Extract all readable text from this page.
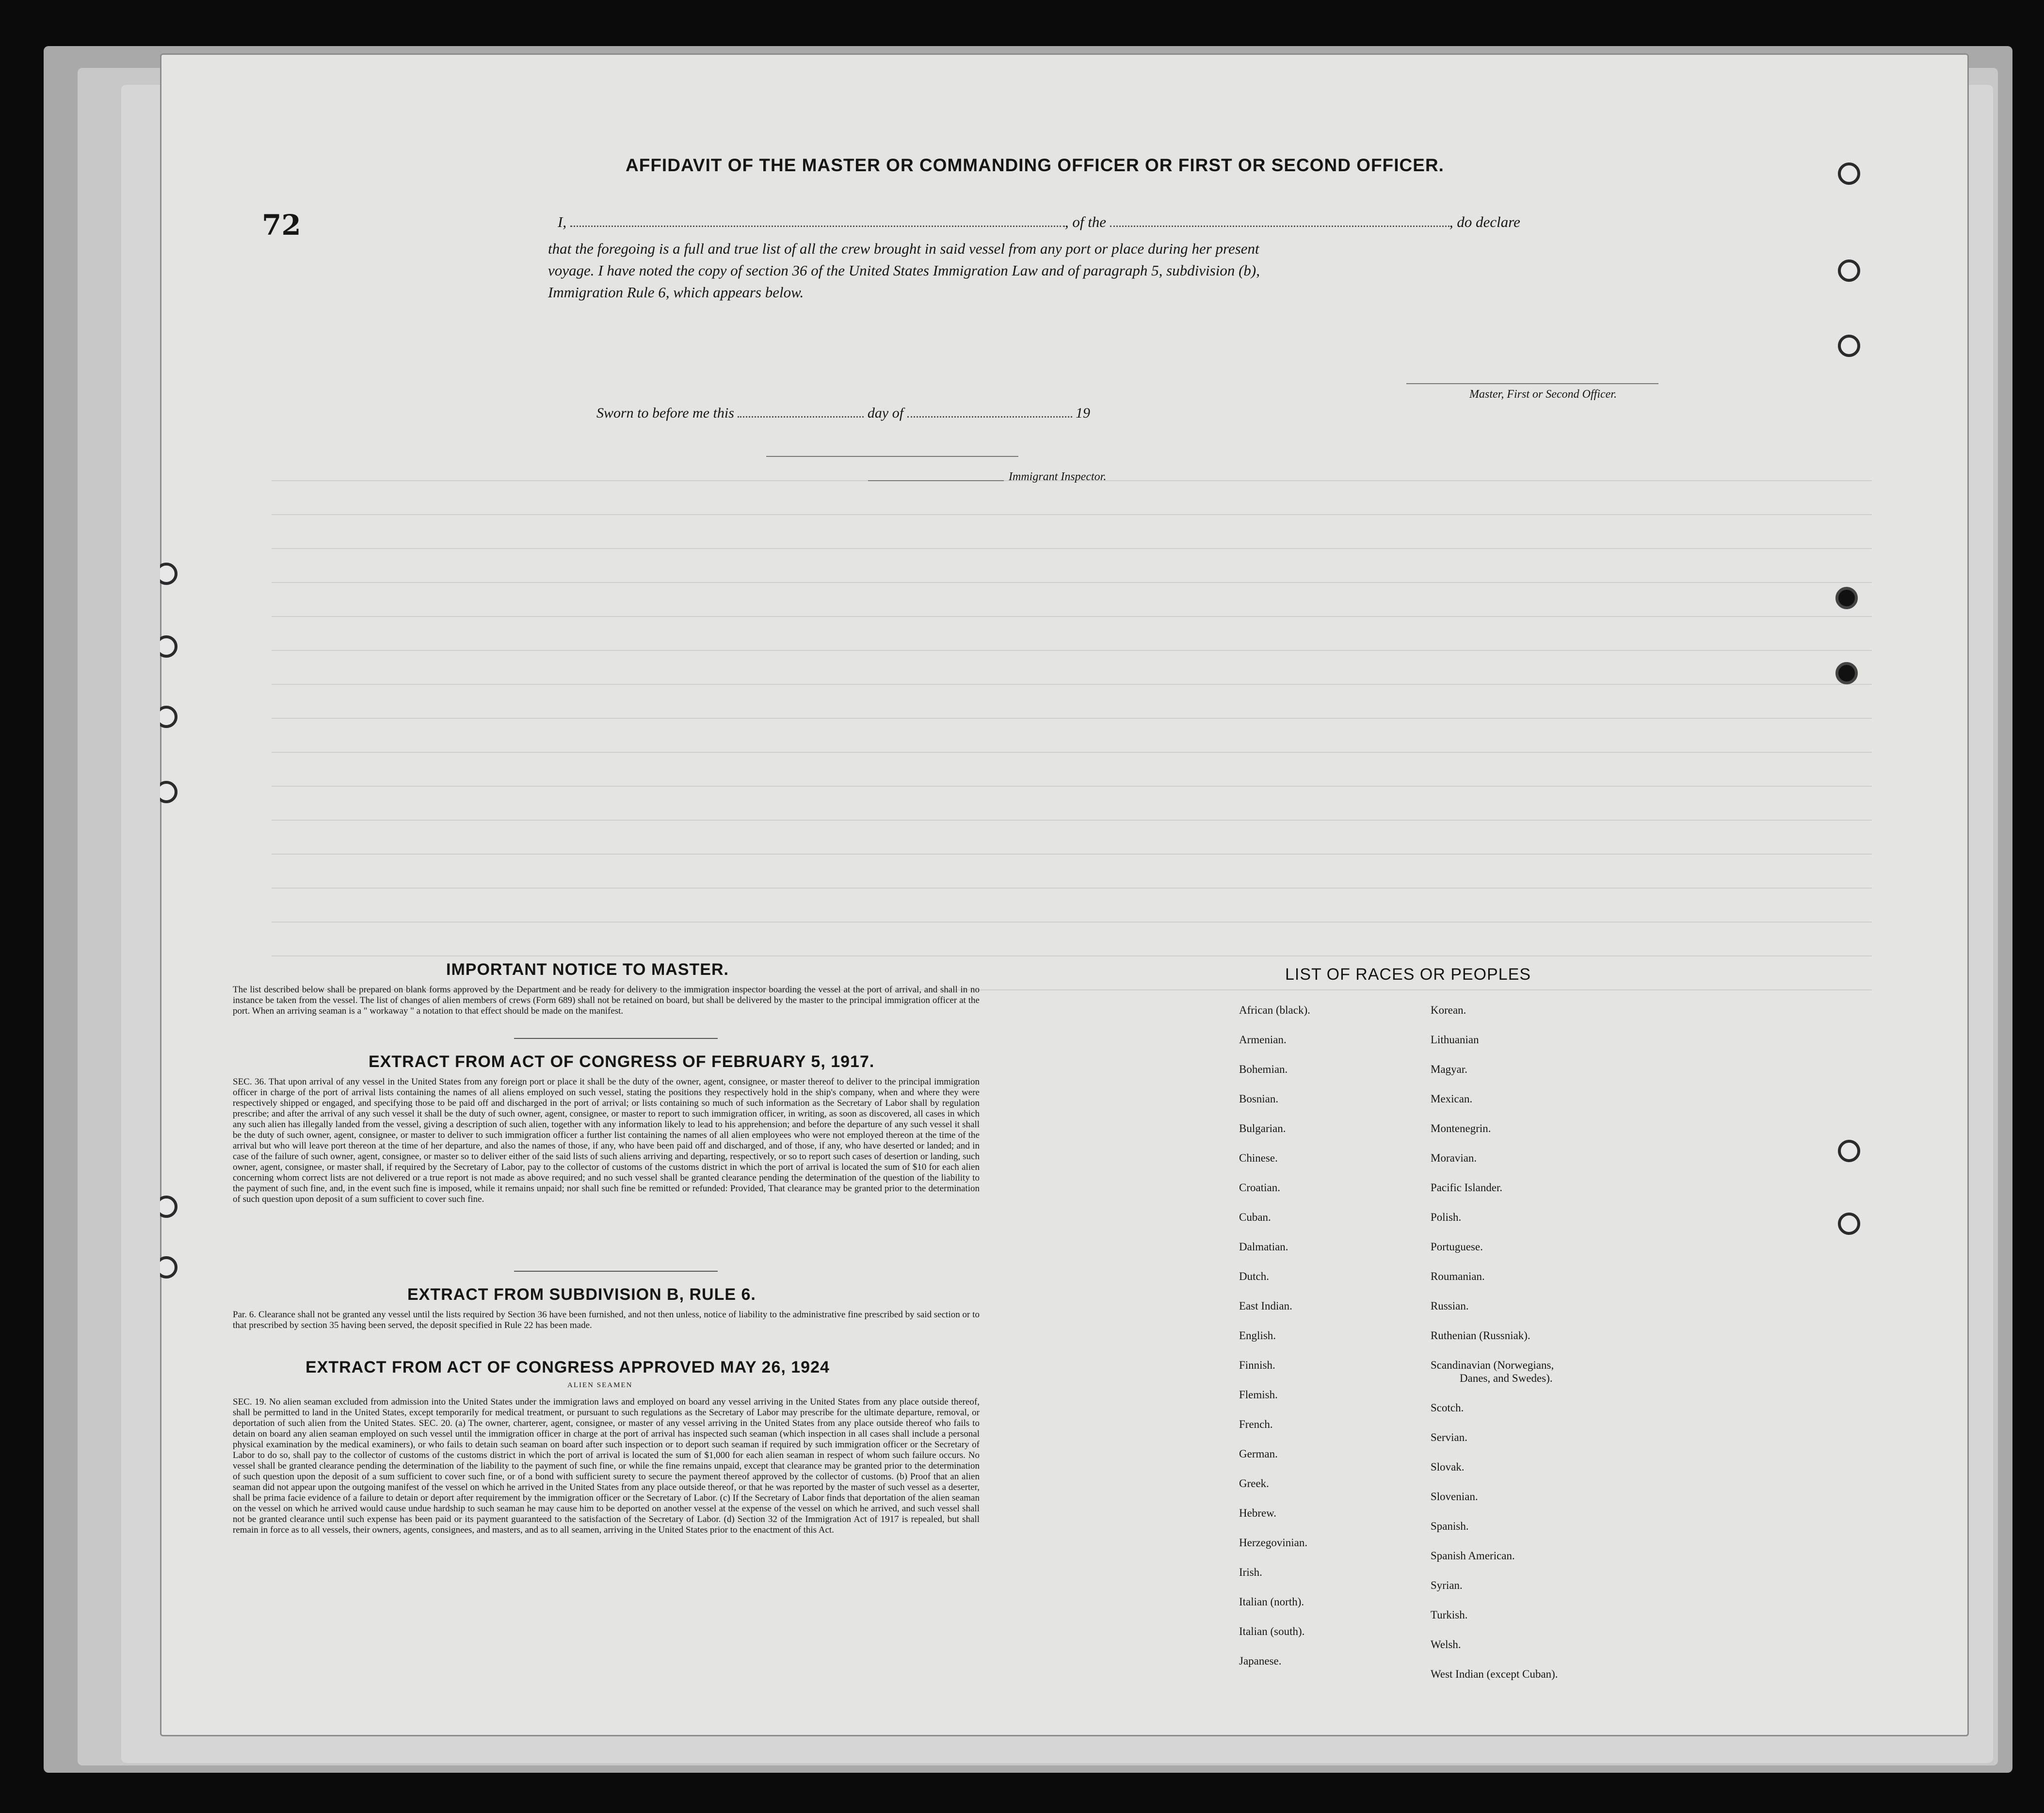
72
AFFIDAVIT OF THE MASTER OR COMMANDING OFFICER OR FIRST OR SECOND OFFICER.
I,	, of the	, do declare
that the foregoing is a full and true list of all the crew brought in said vessel from any port or place during her present
voyage. I have noted the copy of section 36 of the United States Immigration Law and of paragraph 5, subdivision (b),
Immigration Rule 6, which appears below.
Master, First or Second Officer.
Sworn to before me this	day of	19
Immigrant Inspector.
IMPORTANT NOTICE TO MASTER.
The list described below shall be prepared on blank forms approved by the Department and be ready for delivery to the immigration inspector boarding the vessel at the port of arrival, and shall in no instance be taken from the vessel. The list of changes of alien members of crews (Form 689) shall not be retained on board, but shall be delivered by the master to the principal immigration officer at the port. When an arriving seaman is a " workaway " a notation to that effect should be made on the manifest.
EXTRACT FROM ACT OF CONGRESS OF FEBRUARY 5, 1917.
SEC. 36. That upon arrival of any vessel in the United States from any foreign port or place it shall be the duty of the owner, agent, consignee, or master thereof to deliver to the principal immigration officer in charge of the port of arrival lists containing the names of all aliens employed on such vessel, stating the positions they respectively hold in the ship's company, when and where they were respectively shipped or engaged, and specifying those to be paid off and discharged in the port of arrival; or lists containing so much of such information as the Secretary of Labor shall by regulation prescribe; and after the arrival of any such vessel it shall be the duty of such owner, agent, consignee, or master to report to such immigration officer, in writing, as soon as discovered, all cases in which any such alien has illegally landed from the vessel, giving a description of such alien, together with any information likely to lead to his apprehension; and before the departure of any such vessel it shall be the duty of such owner, agent, consignee, or master to deliver to such immigration officer a further list containing the names of all alien employees who were not employed thereon at the time of the arrival but who will leave port thereon at the time of her departure, and also the names of those, if any, who have been paid off and discharged, and of those, if any, who have deserted or landed; and in case of the failure of such owner, agent, consignee, or master so to deliver either of the said lists of such aliens arriving and departing, respectively, or so to report such cases of desertion or landing, such owner, agent, consignee, or master shall, if required by the Secretary of Labor, pay to the collector of customs of the customs district in which the port of arrival is located the sum of $10 for each alien concerning whom correct lists are not delivered or a true report is not made as above required; and no such vessel shall be granted clearance pending the determination of the question of the liability to the payment of such fine, and, in the event such fine is imposed, while it remains unpaid; nor shall such fine be remitted or refunded: Provided, That clearance may be granted prior to the determination of such question upon deposit of a sum sufficient to cover such fine.
EXTRACT FROM SUBDIVISION B, RULE 6.
Par. 6. Clearance shall not be granted any vessel until the lists required by Section 36 have been furnished, and not then unless, notice of liability to the administrative fine prescribed by said section or to that prescribed by section 35 having been served, the deposit specified in Rule 22 has been made.
EXTRACT FROM ACT OF CONGRESS APPROVED MAY 26, 1924
ALIEN SEAMEN
SEC. 19. No alien seaman excluded from admission into the United States under the immigration laws and employed on board any vessel arriving in the United States from any place outside thereof, shall be permitted to land in the United States, except temporarily for medical treatment, or pursuant to such regulations as the Secretary of Labor may prescribe for the ultimate departure, removal, or deportation of such alien from the United States. SEC. 20. (a) The owner, charterer, agent, consignee, or master of any vessel arriving in the United States from any place outside thereof who fails to detain on board any alien seaman employed on such vessel until the immigration officer in charge at the port of arrival has inspected such seaman (which inspection in all cases shall include a personal physical examination by the medical examiners), or who fails to detain such seaman on board after such inspection or to deport such seaman if required by such immigration officer or the Secretary of Labor to do so, shall pay to the collector of customs of the customs district in which the port of arrival is located the sum of $1,000 for each alien seaman in respect of whom such failure occurs. No vessel shall be granted clearance pending the determination of the liability to the payment of such fine, or while the fine remains unpaid, except that clearance may be granted prior to the determination of such question upon the deposit of a sum sufficient to cover such fine, or of a bond with sufficient surety to secure the payment thereof approved by the collector of customs. (b) Proof that an alien seaman did not appear upon the outgoing manifest of the vessel on which he arrived in the United States from any place outside thereof, or that he was reported by the master of such vessel as a deserter, shall be prima facie evidence of a failure to detain or deport after requirement by the immigration officer or the Secretary of Labor. (c) If the Secretary of Labor finds that deportation of the alien seaman on the vessel on which he arrived would cause undue hardship to such seaman he may cause him to be deported on another vessel at the expense of the vessel on which he arrived, and such vessel shall not be granted clearance until such expense has been paid or its payment guaranteed to the satisfaction of the Secretary of Labor. (d) Section 32 of the Immigration Act of 1917 is repealed, but shall remain in force as to all vessels, their owners, agents, consignees, and masters, and as to all seamen, arriving in the United States prior to the enactment of this Act.
LIST OF RACES OR PEOPLES
African (black).
Armenian.
Bohemian.
Bosnian.
Bulgarian.
Chinese.
Croatian.
Cuban.
Dalmatian.
Dutch.
East Indian.
English.
Finnish.
Flemish.
French.
German.
Greek.
Hebrew.
Herzegovinian.
Irish.
Italian (north).
Italian (south).
Japanese.
Korean.
Lithuanian
Magyar.
Mexican.
Montenegrin.
Moravian.
Pacific Islander.
Polish.
Portuguese.
Roumanian.
Russian.
Ruthenian (Russniak).
Scandinavian (Norwegians,
Danes, and Swedes).
Scotch.
Servian.
Slovak.
Slovenian.
Spanish.
Spanish American.
Syrian.
Turkish.
Welsh.
West Indian (except Cuban).
